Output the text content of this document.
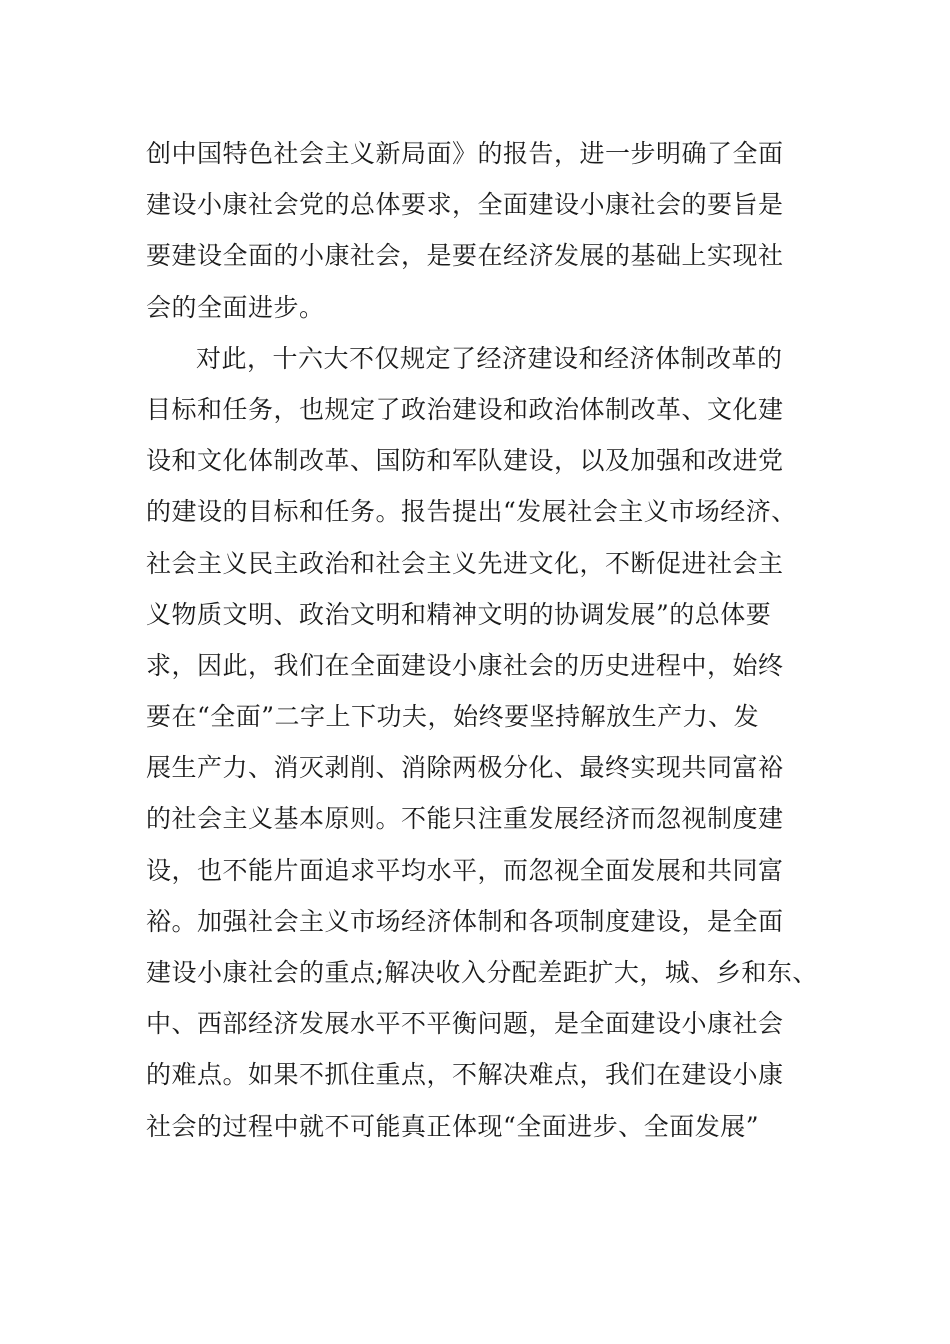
创中国特色社会主义新局面》的报告，进一步明确了全面
建设小康社会党的总体要求，全面建设小康社会的要旨是
要建设全面的小康社会，是要在经济发展的基础上实现社
会的全面进步。
对此，十六大不仅规定了经济建设和经济体制改革的
目标和任务，也规定了政治建设和政治体制改革、文化建
设和文化体制改革、国防和军队建设，以及加强和改进党
的建设的目标和任务。报告提出“发展社会主义市场经济、
社会主义民主政治和社会主义先进文化，不断促进社会主
义物质文明、政治文明和精神文明的协调发展”的总体要
求，因此，我们在全面建设小康社会的历史进程中，始终
要在“全面”二字上下功夫，始终要坚持解放生产力、发
展生产力、消灭剥削、消除两极分化、最终实现共同富裕
的社会主义基本原则。不能只注重发展经济而忽视制度建
设，也不能片面追求平均水平，而忽视全面发展和共同富
裕。加强社会主义市场经济体制和各项制度建设，是全面
建设小康社会的重点;解决收入分配差距扩大，城、乡和东、
中、西部经济发展水平不平衡问题，是全面建设小康社会
的难点。如果不抓住重点，不解决难点，我们在建设小康
社会的过程中就不可能真正体现“全面进步、全面发展”
